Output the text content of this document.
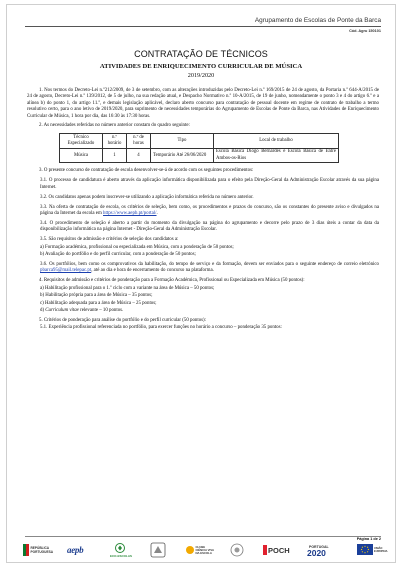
Agrupamento de Escolas de Ponte da Barca
Cód. Agru 150101
CONTRATAÇÃO DE TÉCNICOS
ATIVIDADES DE ENRIQUECIMENTO CURRICULAR DE MÚSICA
2019/2020

1. Nos termos do Decreto-Lei n.º212/2009, de 3 de setembro, com as alterações introduzidas pelo Decreto-Lei n.º 169/2015 de 24 de agosto, da Portaria n.º 644-A/2015 de 24 de agosto, Decreto-Lei n.º 139/2012, de 5 de julho, na sua redação atual, e Despacho Normativo n.º 10-A/2015, de 19 de junho, nomeadamente o ponto 3 e 4 do artigo 6.º e a alínea b) do ponto 1, do artigo 11.º, e demais legislação aplicável, declaro aberto concurso para contratação de pessoal docente em regime de contrato de trabalho a termo resolutivo certo, para o ano letivo de 2019/2020, para suprimento de necessidades temporárias do Agrupamento de Escolas de Ponte da Barca, nas Atividades de Enriquecimento Curricular de Música, 1 hora por dia, das 16:30 às 17:30 horas.

2. As necessidades referidas no número anterior constam do quadro seguinte:

Técnico Especializado	n.º horário	n.º de horas	Tipo	Local de trabalho
Música	1	4	Temporário Até 26/06/2020	Escola Básica Diogo Bernardes e Escola Básica de Entre Ambos-os-Rios

3. O presente concurso de contratação de escola desenvolver-se-á de acordo com os seguintes procedimentos:

3.1. O processo de candidatura é aberto através da aplicação informática disponibilizada para o efeito pela Direção-Geral da Administração Escolar através da sua página Internet.

3.2. Os candidatos apenas podem inscrever-se utilizando a aplicação informática referida no número anterior.

3.3. Na oferta de contratação de escola, os critérios de seleção, bem como, os procedimentos e prazos do concurso, são os constantes do presente aviso e divulgados na página da Internet da escola em https://www.aepb.pt/portal/.

3.4. O procedimento de seleção é aberto a partir do momento da divulgação na página do agrupamento e decorre pelo prazo de 3 dias úteis a contar da data da disponibilização informática na página Internet - Direção-Geral da Administração Escolar.

3.5. São requisitos de admissão e critérios de seleção dos candidatos a:

a) Formação académica, profissional ou especializada em Música, com a ponderação de 50 pontos;

b) Avaliação do portfólio e do perfil curricular, com a ponderação de 50 pontos;

3.6. Os portfólios, bem como os comprovativos da habilitação, do tempo de serviço e da formação, devem ser enviados para o seguinte endereço de correio eletrónico pbarca95@mail.telepac.pt, até ao dia e hora de encerramento do concurso na plataforma.

4. Requisitos de admissão e critérios de ponderação para a Formação Académica, Profissional ou Especializada em Música (50 pontos):

a) Habilitação profissional para o 1.º ciclo com a variante na área de Música – 50 pontos;

b) Habilitação própria para a área de Música – 35 pontos;

c) Habilitação adequada para a área de Música – 25 pontos;

d) Curriculum vitae relevante – 10 pontos.

5. Critérios de ponderação para análise do portfólio e do perfil curricular (50 pontos):

5.1. Experiência profissional referenciada no portfólio, para exercer funções no horário a concurso – ponderação 35 pontos:

Página 1 de 2
REPÚBLICA
PORTUGUESA aepb
ECO-ESCOLAS
CLUBE
CIÊNCIA VIVA
NA ESCOLA	POCH	PORTUGAL
2020	UNIÃO
EUROPEIA
